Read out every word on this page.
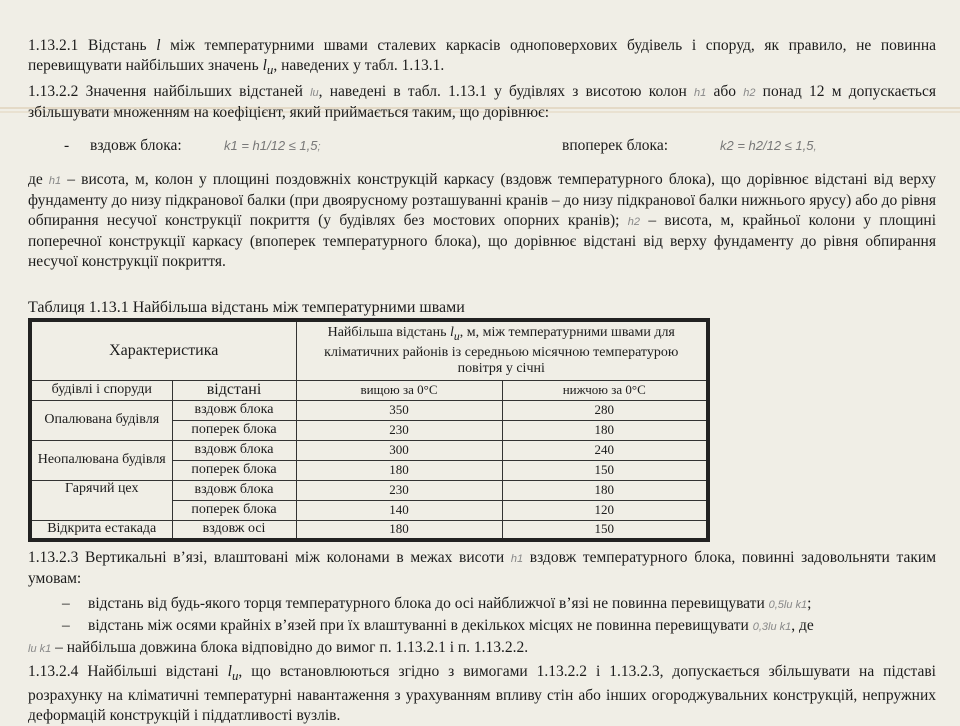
1.13.2.1 Відстань l між температурними швами сталевих каркасів одноповерхових будівель і споруд, як правило, не повинна перевищувати найбільших значень $l_u$, наведених у табл. 1.13.1.
1.13.2.2 Значення найбільших відстаней lu, наведені в табл. 1.13.1 у будівлях з висотою колон h1 або h2 понад 12 м допускається збільшувати множенням на коефіцієнт, який приймається таким, що дорівнює:
- вздовж блока:	k1 = h1/12 ≤ 1,5;	впоперек блока:	k2 = h2/12 ≤ 1,5,
де h1 – висота, м, колон у площині поздовжніх конструкцій каркасу (вздовж температурного блока), що дорівнює відстані від верху фундаменту до низу підкранової балки (при двоярусному розташуванні кранів – до низу підкранової балки нижнього ярусу) або до рівня обпирання несучої конструкції покриття (у будівлях без мостових опорних кранів); h2 – висота, м, крайньої колони у площині поперечної конструкції каркасу (впоперек температурного блока), що дорівнює відстані від верху фундаменту до рівня обпирання несучої конструкції покриття.
Таблиця 1.13.1 Найбільша відстань між температурними швами
Характеристика		Найбільша відстань $l_u$, м, між температурними швами для кліматичних районів із середньою місячною температурою повітря у січні	
будівлі і споруди	відстані	вищою за 0°С	нижчою за 0°С
Опалювана будівля	вздовж блока	350	280
	поперек блока	230	180
Неопалювана будівля	вздовж блока	300	240
	поперек блока	180	150
Гарячий цех	вздовж блока	230	180
	поперек блока	140	120
Відкрита естакада	вздовж осі	180	150
1.13.2.3 Вертикальні в’язі, влаштовані між колонами в межах висоти h1 вздовж температурного блока, повинні задовольняти таким умовам:
– відстань від будь-якого торця температурного блока до осі найближчої в’язі не повинна перевищувати 0,5lu k1;
– відстань між осями крайніх в’язей при їх влаштуванні в декількох місцях не повинна перевищувати 0,3lu k1, де
lu k1 – найбільша довжина блока відповідно до вимог п. 1.13.2.1 і п. 1.13.2.2.
1.13.2.4 Найбільші відстані $l_u$, що встановлюються згідно з вимогами 1.13.2.2 і 1.13.2.3, допускається збільшувати на підставі розрахунку на кліматичні температурні навантаження з урахуванням впливу стін або інших огороджувальних конструкцій, непружних деформацій конструкцій і піддатливості вузлів.
